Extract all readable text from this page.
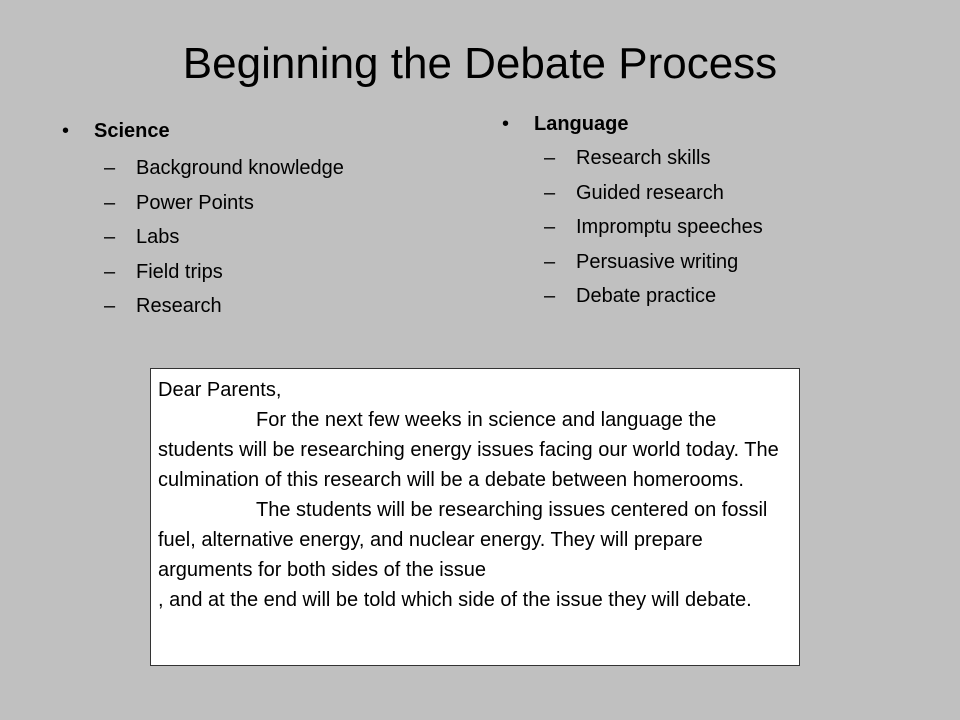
Beginning the Debate Process
• Science
– Background knowledge
– Power Points
– Labs
– Field trips
– Research
• Language
– Research skills
– Guided research
– Impromptu speeches
– Persuasive writing
– Debate practice

Dear Parents,

For the next few weeks in science and language the students will be researching energy issues facing our world today. The culmination of this research will be a debate between homerooms.

The students will be researching issues centered on fossil fuel, alternative energy, and nuclear energy. They will prepare arguments for both sides of the issue

, and at the end will be told which side of the issue they will debate.
